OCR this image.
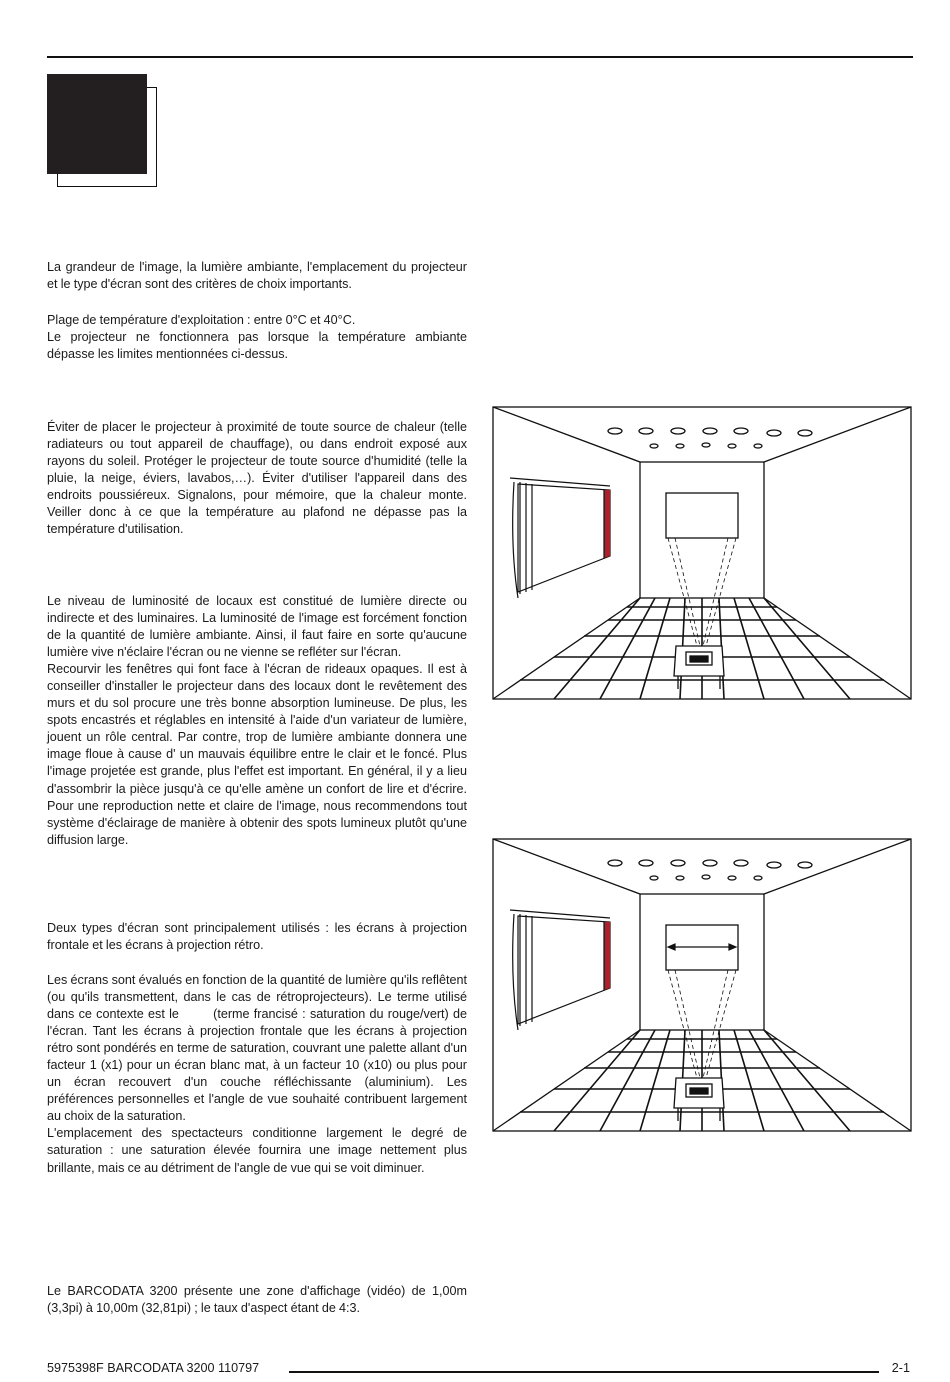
La grandeur de l'image, la lumière ambiante, l'emplacement du projecteur et le type d'écran sont des critères de choix importants.

Plage de température d'exploitation : entre 0°C et 40°C.

Le projecteur ne fonctionnera pas lorsque la température ambiante dépasse les limites mentionnées ci-dessus.

Éviter de placer le projecteur à proximité de toute source de chaleur (telle radiateurs ou tout appareil de chauffage), ou dans endroit exposé aux rayons du soleil. Protéger le projecteur de toute source d'humidité (telle la pluie, la neige, éviers, lavabos,…). Éviter d'utiliser l'appareil dans des endroits poussiéreux. Signalons, pour mémoire, que la chaleur monte. Veiller donc à ce que la température au plafond ne dépasse pas la température d'utilisation.

Le niveau de luminosité de locaux est constitué de lumière directe ou indirecte et des luminaires. La luminosité de l'image est forcément fonction de la quantité de lumière ambiante. Ainsi, il faut faire en sorte qu'aucune lumière vive n'éclaire l'écran ou ne vienne se refléter sur l'écran.

Recourvir les fenêtres qui font face à l'écran de rideaux opaques. Il est à conseiller d'installer le projecteur dans des locaux dont le revêtement des murs et du sol procure une très bonne absorption lumineuse. De plus, les spots encastrés et réglables en intensité à l'aide d'un variateur de lumière, jouent un rôle central. Par contre, trop de lumière ambiante donnera une image floue à cause d' un mauvais équilibre entre le clair et le foncé. Plus l'image projetée est grande, plus l'effet est important. En général, il y a lieu d'assombrir la pièce jusqu'à ce qu'elle amène un confort de lire et d'écrire. Pour une reproduction nette et claire de l'image, nous recommendons tout système d'éclairage de manière à obtenir des spots lumineux plutôt qu'une diffusion large.

Deux types d'écran sont principalement utilisés : les écrans à projection frontale et les écrans à projection rétro.

Les écrans sont évalués en fonction de la quantité de lumière qu'ils reflêtent (ou qu'ils transmettent, dans le cas de rétroprojecteurs). Le terme utilisé dans ce contexte est le        (terme francisé : saturation du rouge/vert) de l'écran. Tant les écrans à projection frontale que les écrans à projection rétro sont pondérés en terme de saturation, couvrant une palette allant d'un facteur 1 (x1) pour un écran blanc mat, à un facteur 10 (x10) ou plus pour un écran recouvert d'un couche réfléchissante (aluminium). Les préférences personnelles et l'angle de vue souhaité contribuent largement au choix de la saturation.

L'emplacement des spectacteurs conditionne largement le degré de saturation : une saturation élevée fournira une image nettement plus brillante, mais ce au détriment de l'angle de vue qui se voit diminuer.

Le BARCODATA 3200 présente une zone d'affichage (vidéo) de 1,00m (3,3pi) à 10,00m (32,81pi) ; le taux d'aspect étant de 4:3.

5975398F BARCODATA 3200 110797	2-1
